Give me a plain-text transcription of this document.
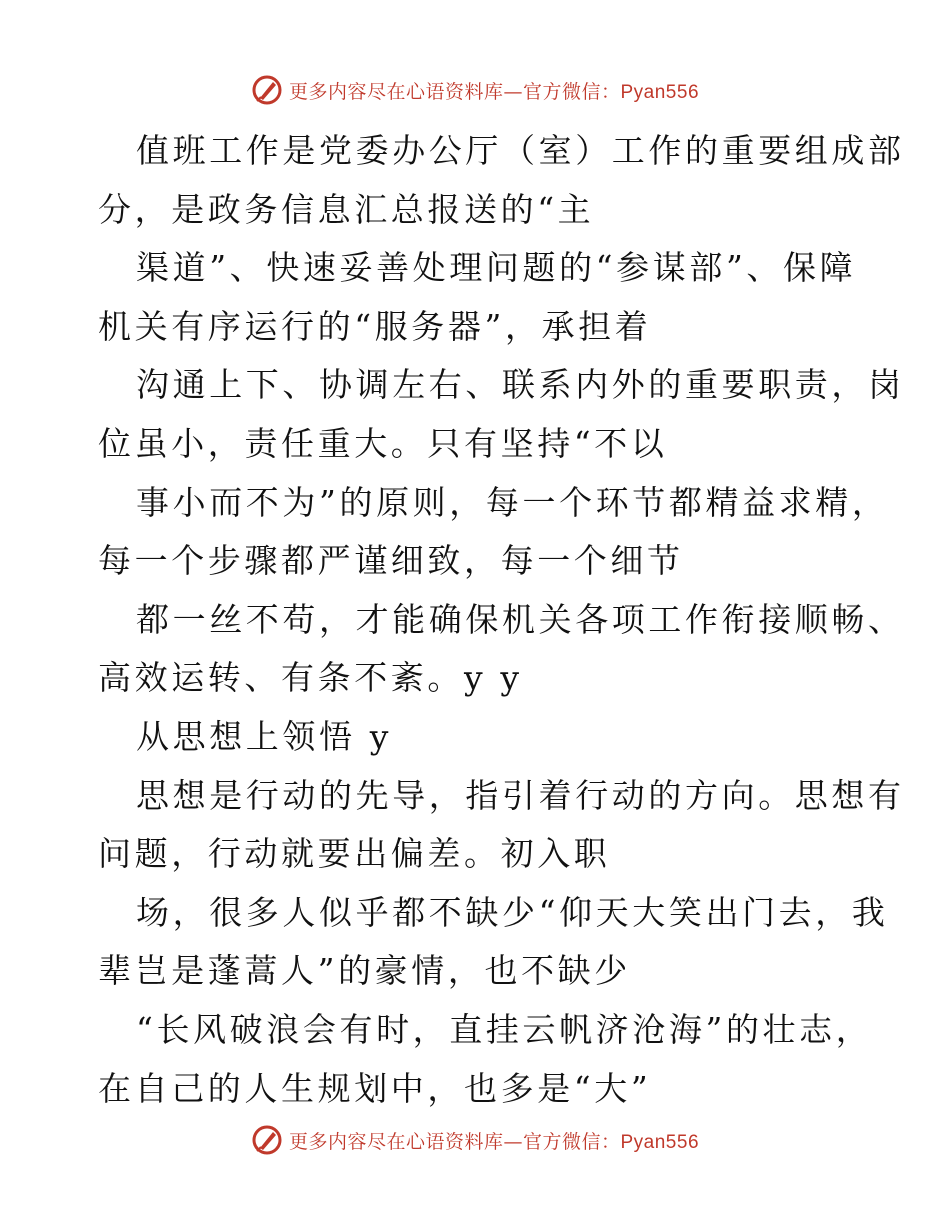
更多内容尽在心语资料库—官方微信：Pyan556
值班工作是党委办公厅（室）工作的重要组成部
分，是政务信息汇总报送的“主
渠道”、快速妥善处理问题的“参谋部”、保障
机关有序运行的“服务器”，承担着
沟通上下、协调左右、联系内外的重要职责，岗
位虽小，责任重大。只有坚持“不以
事小而不为”的原则，每一个环节都精益求精，
每一个步骤都严谨细致，每一个细节
都一丝不苟，才能确保机关各项工作衔接顺畅、
高效运转、有条不紊。y y
从思想上领悟 y
思想是行动的先导，指引着行动的方向。思想有
问题，行动就要出偏差。初入职
场，很多人似乎都不缺少“仰天大笑出门去，我
辈岂是蓬蒿人”的豪情，也不缺少
“长风破浪会有时，直挂云帆济沧海”的壮志，
在自己的人生规划中，也多是“大”
更多内容尽在心语资料库—官方微信：Pyan556
